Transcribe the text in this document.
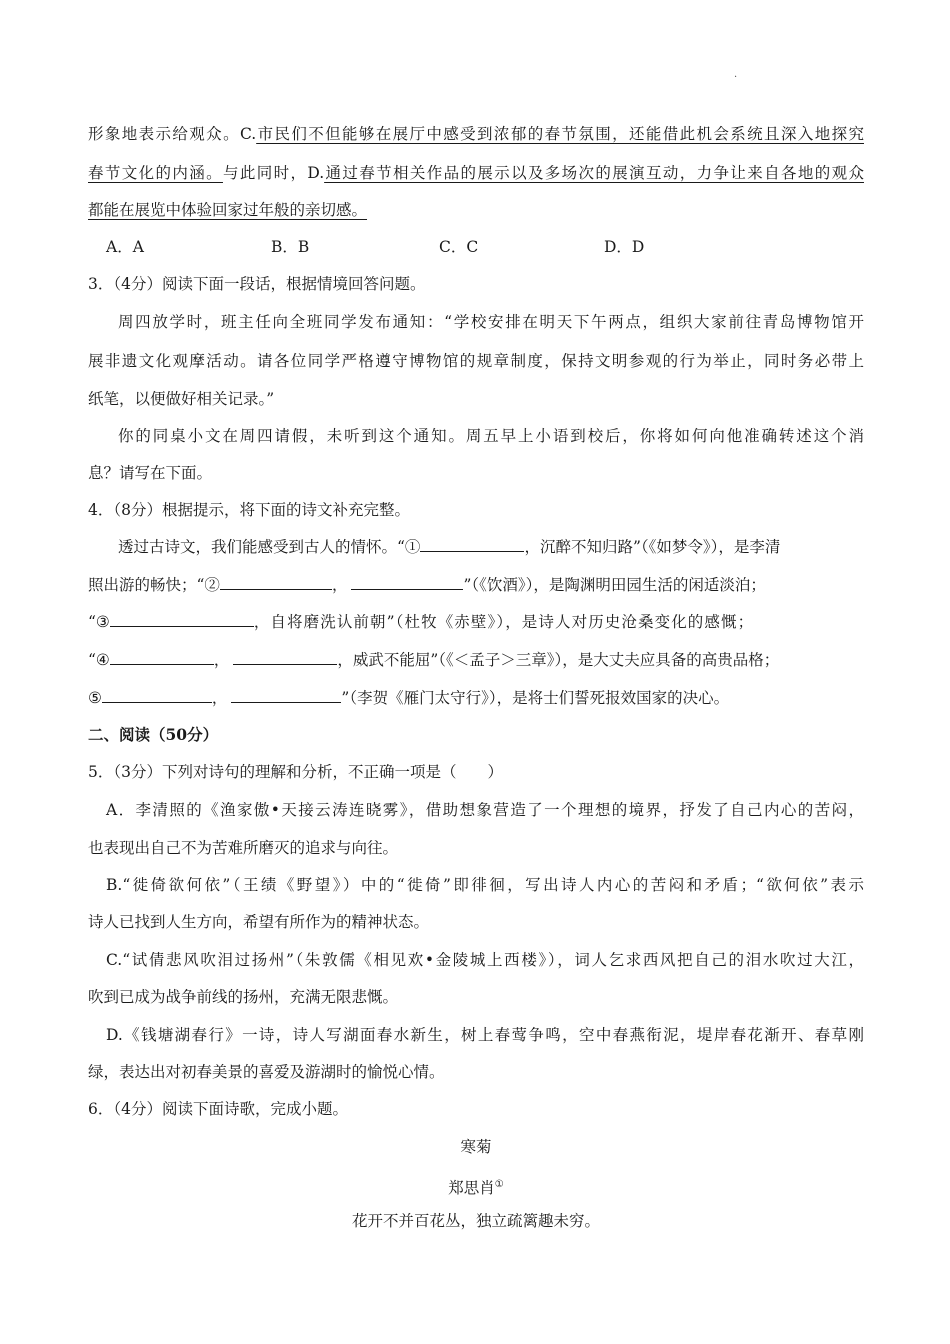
·
形象地表示给观众。C.市民们不但能够在展厅中感受到浓郁的春节氛围，还能借此机会系统且深入地探究
春节文化的内涵。与此同时，D.通过春节相关作品的展示以及多场次的展演互动，力争让来自各地的观众
都能在展览中体验回家过年般的亲切感。
A．A	B．B	C．C	D．D
3．（4分）阅读下面一段话，根据情境回答问题。
周四放学时，班主任向全班同学发布通知：“学校安排在明天下午两点，组织大家前往青岛博物馆开
展非遗文化观摩活动。请各位同学严格遵守博物馆的规章制度，保持文明参观的行为举止，同时务必带上
纸笔，以便做好相关记录。”
你的同桌小文在周四请假，未听到这个通知。周五早上小语到校后，你将如何向他准确转述这个消
息？请写在下面。
4．（8分）根据提示，将下面的诗文补充完整。
透过古诗文，我们能感受到古人的情怀。“①	，沉醉不知归路”（《如梦令》），是李清
照出游的畅快；“②	，	”（《饮酒》），是陶渊明田园生活的闲适淡泊；
“③	，自将磨洗认前朝”（杜牧《赤壁》），是诗人对历史沧桑变化的感慨；
“④	，	，威武不能屈”（《＜孟子＞三章》），是大丈夫应具备的高贵品格；
⑤	，	”（李贺《雁门太守行》），是将士们誓死报效国家的决心。
二、阅读（50分）
5．（3分）下列对诗句的理解和分析，不正确一项是（　　）
A．李清照的《渔家傲•天接云涛连晓雾》，借助想象营造了一个理想的境界，抒发了自己内心的苦闷，
也表现出自己不为苦难所磨灭的追求与向往。
B.“徙倚欲何依”（王绩《野望》）中的“徙倚”即徘徊，写出诗人内心的苦闷和矛盾；“欲何依”表示
诗人已找到人生方向，希望有所作为的精神状态。
C.“试倩悲风吹泪过扬州”（朱敦儒《相见欢•金陵城上西楼》），词人乞求西风把自己的泪水吹过大江，
吹到已成为战争前线的扬州，充满无限悲慨。
D.《钱塘湖春行》一诗，诗人写湖面春水新生，树上春莺争鸣，空中春燕衔泥，堤岸春花渐开、春草刚
绿，表达出对初春美景的喜爱及游湖时的愉悦心情。
6．（4分）阅读下面诗歌，完成小题。
寒菊
郑思肖①
花开不并百花丛，独立疏篱趣未穷。
